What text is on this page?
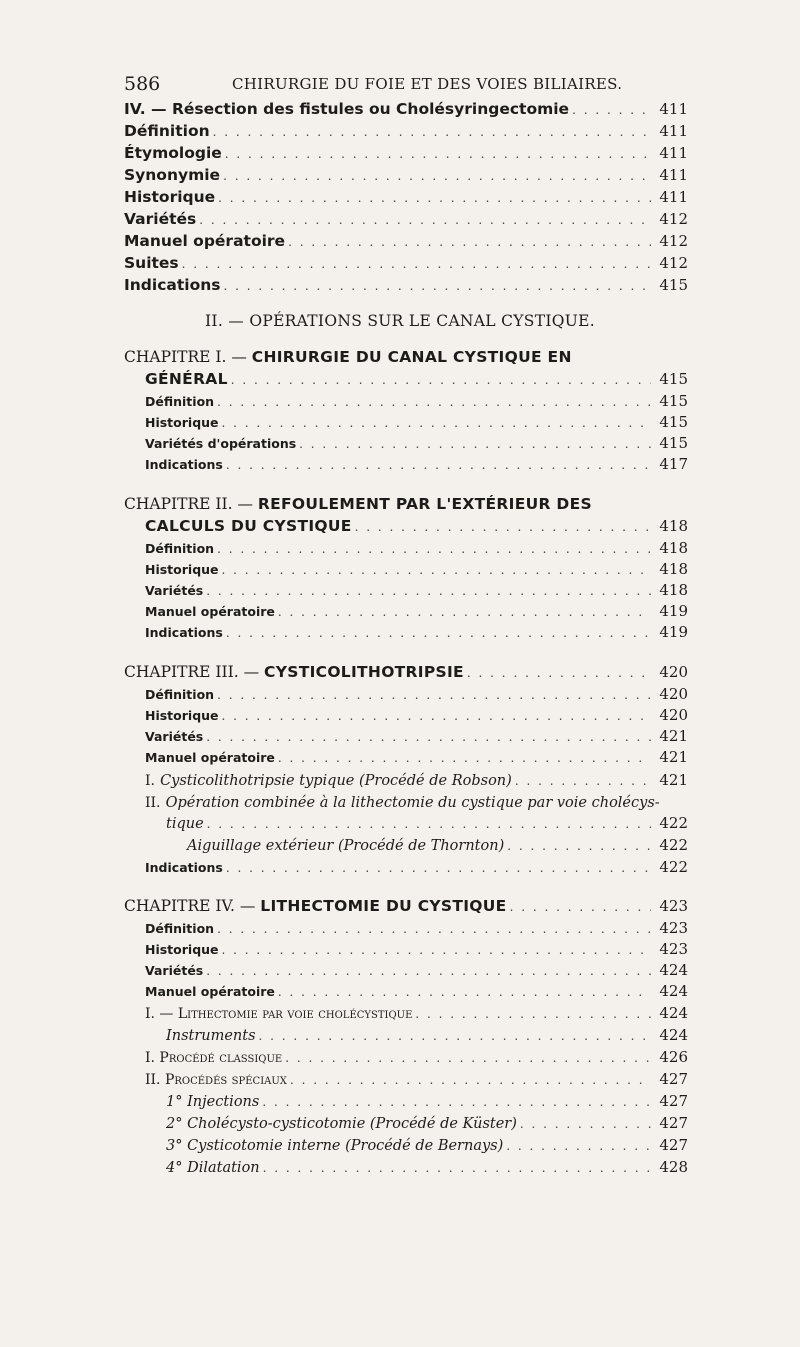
586	CHIRURGIE DU FOIE ET DES VOIES BILIAIRES.
IV. — Résection des fistules ou Cholésyringectomie . . .	411
Définition . . .	411
Étymologie . . .	411
Synonymie . . .	411
Historique . . .	411
Variétés . . .	412
Manuel opératoire . . .	412
Suites . . .	412
Indications . . .	415
II. — OPÉRATIONS SUR LE CANAL CYSTIQUE.
CHAPITRE I. — CHIRURGIE DU CANAL CYSTIQUE EN
GÉNÉRAL . . .	415
Définition . . .	415
Historique . . .	415
Variétés d'opérations . . .	415
Indications . . .	417
CHAPITRE II. — REFOULEMENT PAR L'EXTÉRIEUR DES
CALCULS DU CYSTIQUE . . .	418
Définition . . .	418
Historique . . .	418
Variétés . . .	418
Manuel opératoire . . .	419
Indications . . .	419
CHAPITRE III. — CYSTICOLITHOTRIPSIE . . .	420
Définition . . .	420
Historique . . .	420
Variétés . . .	421
Manuel opératoire . . .	421
I. Cysticolithotripsie typique (Procédé de Robson) . . .	421
II. Opération combinée à la lithectomie du cystique par voie cholécys-
tique . . .	422
Aiguillage extérieur (Procédé de Thornton) . . .	422
Indications . . .	422
CHAPITRE IV. — LITHECTOMIE DU CYSTIQUE . . .	423
Définition . . .	423
Historique . . .	423
Variétés . . .	424
Manuel opératoire . . .	424
I. — Lithectomie par voie cholécystique . . .	424
Instruments . . .	424
I. Procédé classique . . .	426
II. Procédés spéciaux . . .	427
1° Injections . . .	427
2° Cholécysto-cysticotomie (Procédé de Küster) . . .	427
3° Cysticotomie interne (Procédé de Bernays) . . .	427
4° Dilatation . . .	428
